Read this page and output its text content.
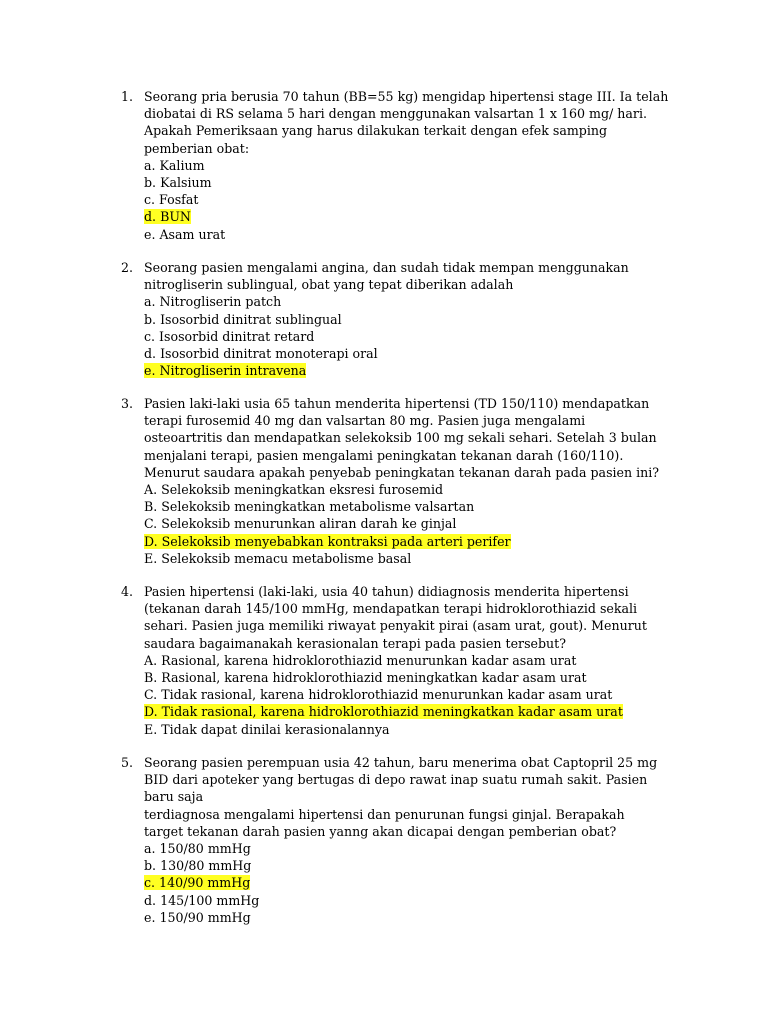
1. Seorang pria berusia 70 tahun (BB=55 kg) mengidap hipertensi stage III. Ia telah
diobatai di RS selama 5 hari dengan menggunakan valsartan 1 x 160 mg/ hari.
Apakah Pemeriksaan yang harus dilakukan terkait dengan efek samping
pemberian obat:
a. Kalium
b. Kalsium
c. Fosfat
d. BUN
e. Asam urat
2. Seorang pasien mengalami angina, dan sudah tidak mempan menggunakan
nitrogliserin sublingual, obat yang tepat diberikan adalah
a. Nitrogliserin patch
b. Isosorbid dinitrat sublingual
c. Isosorbid dinitrat retard
d. Isosorbid dinitrat monoterapi oral
e. Nitrogliserin intravena
3. Pasien laki-laki usia 65 tahun menderita hipertensi (TD 150/110) mendapatkan
terapi furosemid 40 mg dan valsartan 80 mg. Pasien juga mengalami
osteoartritis dan mendapatkan selekoksib 100 mg sekali sehari. Setelah 3 bulan
menjalani terapi, pasien mengalami peningkatan tekanan darah (160/110).
Menurut saudara apakah penyebab peningkatan tekanan darah pada pasien ini?
A. Selekoksib meningkatkan eksresi furosemid
B. Selekoksib meningkatkan metabolisme valsartan
C. Selekoksib menurunkan aliran darah ke ginjal
D. Selekoksib menyebabkan kontraksi pada arteri perifer
E. Selekoksib memacu metabolisme basal
4. Pasien hipertensi (laki-laki, usia 40 tahun) didiagnosis menderita hipertensi
(tekanan darah 145/100 mmHg, mendapatkan terapi hidroklorothiazid sekali
sehari. Pasien juga memiliki riwayat penyakit pirai (asam urat, gout). Menurut
saudara bagaimanakah kerasionalan terapi pada pasien tersebut?
A. Rasional, karena hidroklorothiazid menurunkan kadar asam urat
B. Rasional, karena hidroklorothiazid meningkatkan kadar asam urat
C. Tidak rasional, karena hidroklorothiazid menurunkan kadar asam urat
D. Tidak rasional, karena hidroklorothiazid meningkatkan kadar asam urat
E. Tidak dapat dinilai kerasionalannya
5. Seorang pasien perempuan usia 42 tahun, baru menerima obat Captopril 25 mg
BID dari apoteker yang bertugas di depo rawat inap suatu rumah sakit. Pasien
baru saja
terdiagnosa mengalami hipertensi dan penurunan fungsi ginjal. Berapakah
target tekanan darah pasien yanng akan dicapai dengan pemberian obat?
a. 150/80 mmHg
b. 130/80 mmHg
c. 140/90 mmHg
d. 145/100 mmHg
e. 150/90 mmHg
